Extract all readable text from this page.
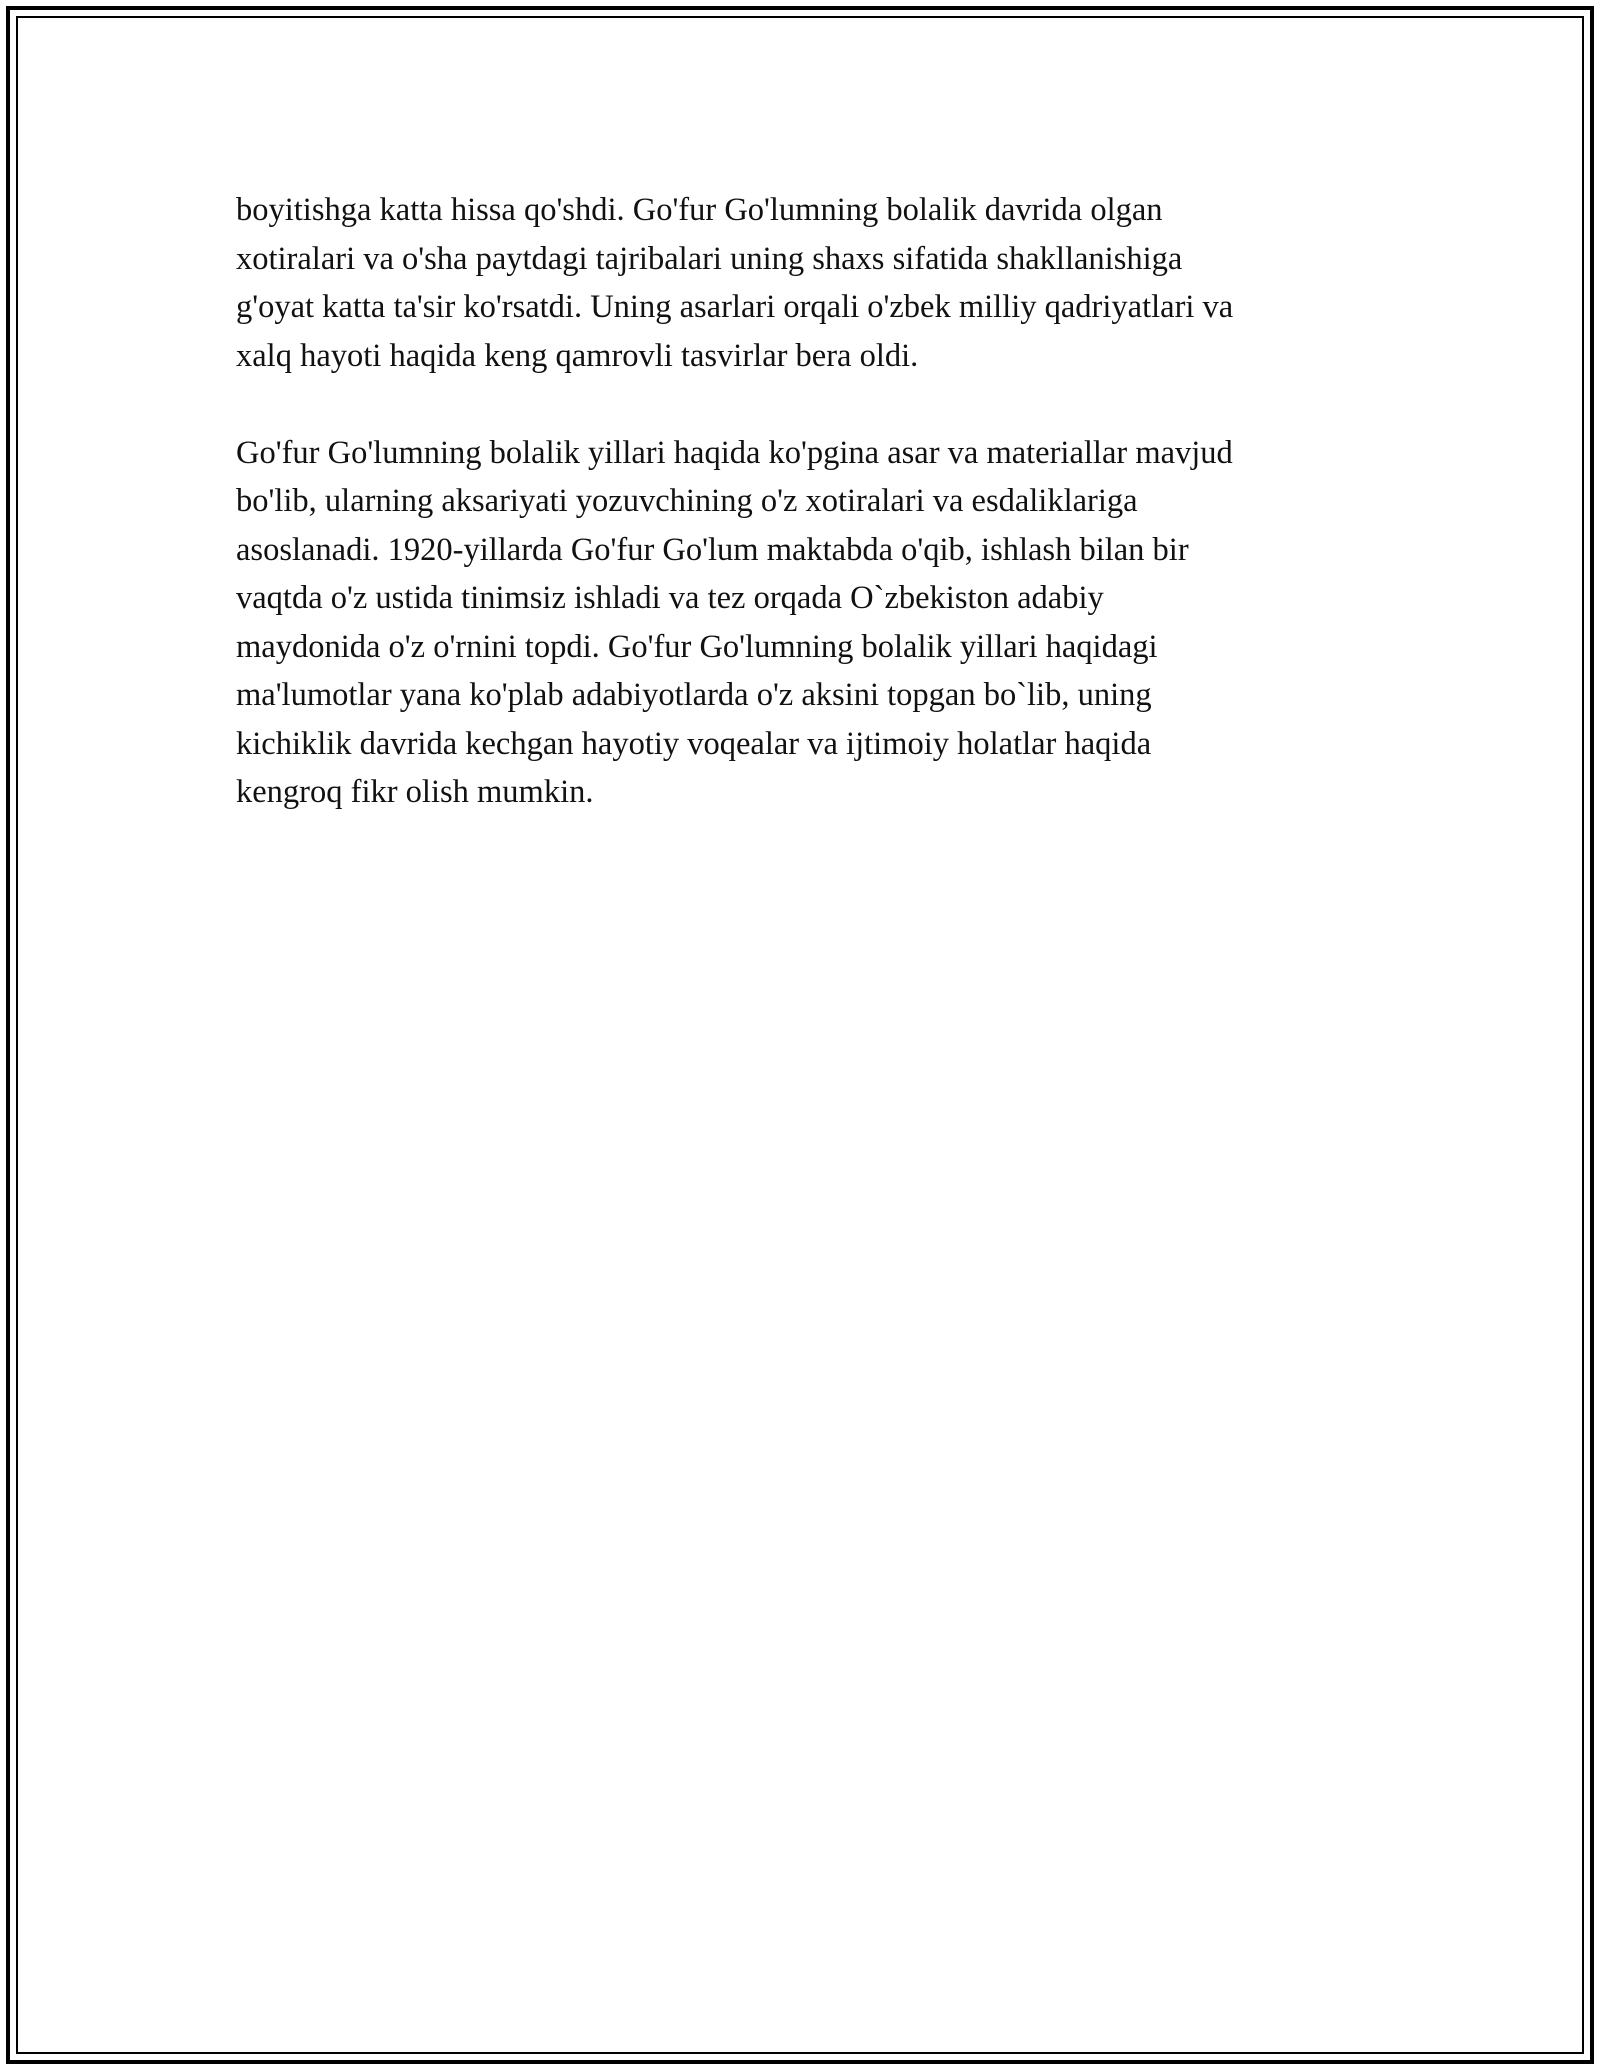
boyitishga katta hissa qo'shdi. Go'fur Go'lumning bolalik davrida olgan
xotiralari va o'sha paytdagi tajribalari uning shaxs sifatida shakllanishiga
g'oyat katta ta'sir ko'rsatdi. Uning asarlari orqali o'zbek milliy qadriyatlari va
xalq hayoti haqida keng qamrovli tasvirlar bera oldi.

Go'fur Go'lumning bolalik yillari haqida ko'pgina asar va materiallar mavjud
bo'lib, ularning aksariyati yozuvchining o'z xotiralari va esdaliklariga
asoslanadi. 1920-yillarda Go'fur Go'lum maktabda o'qib, ishlash bilan bir
vaqtda o'z ustida tinimsiz ishladi va tez orqada O`zbekiston adabiy
maydonida o'z o'rnini topdi. Go'fur Go'lumning bolalik yillari haqidagi
ma'lumotlar yana ko'plab adabiyotlarda o'z aksini topgan bo`lib, uning
kichiklik davrida kechgan hayotiy voqealar va ijtimoiy holatlar haqida
kengroq fikr olish mumkin.
